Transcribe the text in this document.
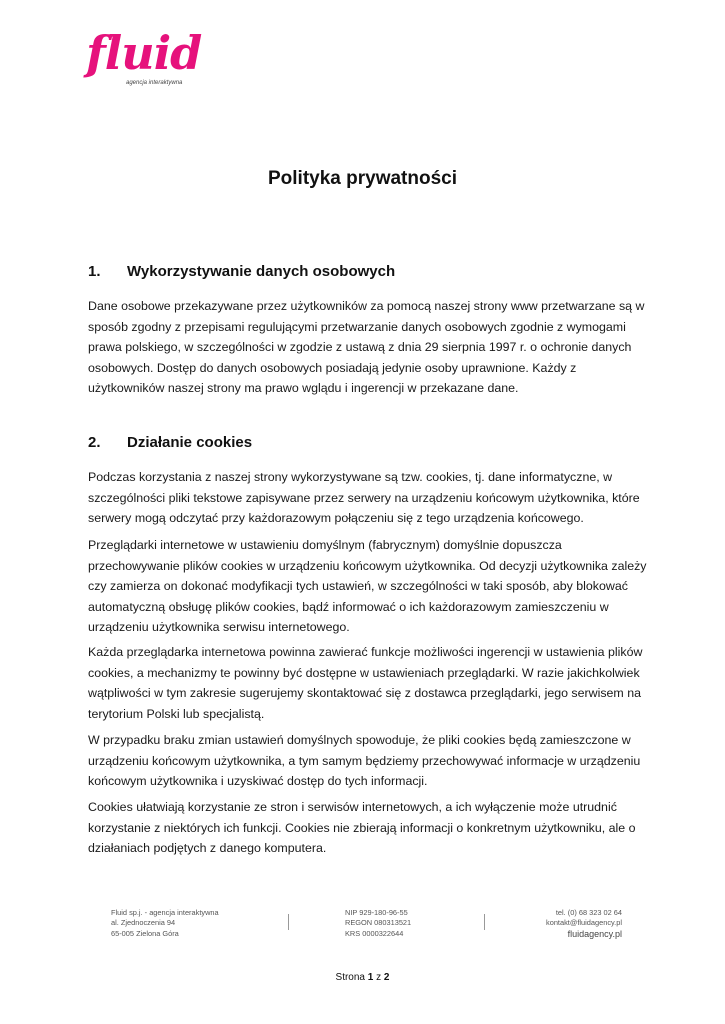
fluid
agencja interaktywna
Polityka prywatności
1. Wykorzystywanie danych osobowych
Dane osobowe przekazywane przez użytkowników za pomocą naszej strony www przetwarzane są w sposób zgodny z przepisami regulującymi przetwarzanie danych osobowych zgodnie z wymogami prawa polskiego, w szczególności w zgodzie z ustawą z dnia 29 sierpnia 1997 r. o ochronie danych osobowych. Dostęp do danych osobowych posiadają jedynie osoby uprawnione. Każdy z użytkowników naszej strony ma prawo wglądu i ingerencji w przekazane dane.
2. Działanie cookies
Podczas korzystania z naszej strony wykorzystywane są tzw. cookies, tj. dane informatyczne, w szczególności pliki tekstowe zapisywane przez serwery na urządzeniu końcowym użytkownika, które serwery mogą odczytać przy każdorazowym połączeniu się z tego urządzenia końcowego.
Przeglądarki internetowe w ustawieniu domyślnym (fabrycznym) domyślnie dopuszcza przechowywanie plików cookies w urządzeniu końcowym użytkownika. Od decyzji użytkownika zależy czy zamierza on dokonać modyfikacji tych ustawień, w szczególności w taki sposób, aby blokować automatyczną obsługę plików cookies, bądź informować o ich każdorazowym zamieszczeniu w urządzeniu użytkownika serwisu internetowego.
Każda przeglądarka internetowa powinna zawierać funkcje możliwości ingerencji w ustawienia plików cookies, a mechanizmy te powinny być dostępne w ustawieniach przeglądarki. W razie jakichkolwiek wątpliwości w tym zakresie sugerujemy skontaktować się z dostawca przeglądarki, jego serwisem na terytorium Polski lub specjalistą.
W przypadku braku zmian ustawień domyślnych spowoduje, że pliki cookies będą zamieszczone w urządzeniu końcowym użytkownika, a tym samym będziemy przechowywać informacje w urządzeniu końcowym użytkownika i uzyskiwać dostęp do tych informacji.
Cookies ułatwiają korzystanie ze stron i serwisów internetowych, a ich wyłączenie może utrudnić korzystanie z niektórych ich funkcji. Cookies nie zbierają informacji o konkretnym użytkowniku, ale o działaniach podjętych z danego komputera.
Fluid sp.j. - agencja interaktywna
al. Zjednoczenia 94
65-005 Zielona Góra
NIP 929-180-96-55
REGON 080313521
KRS 0000322644
tel. (0) 68 323 02 64
kontakt@fluidagency.pl
fluidagency.pl
Strona 1 z 2
